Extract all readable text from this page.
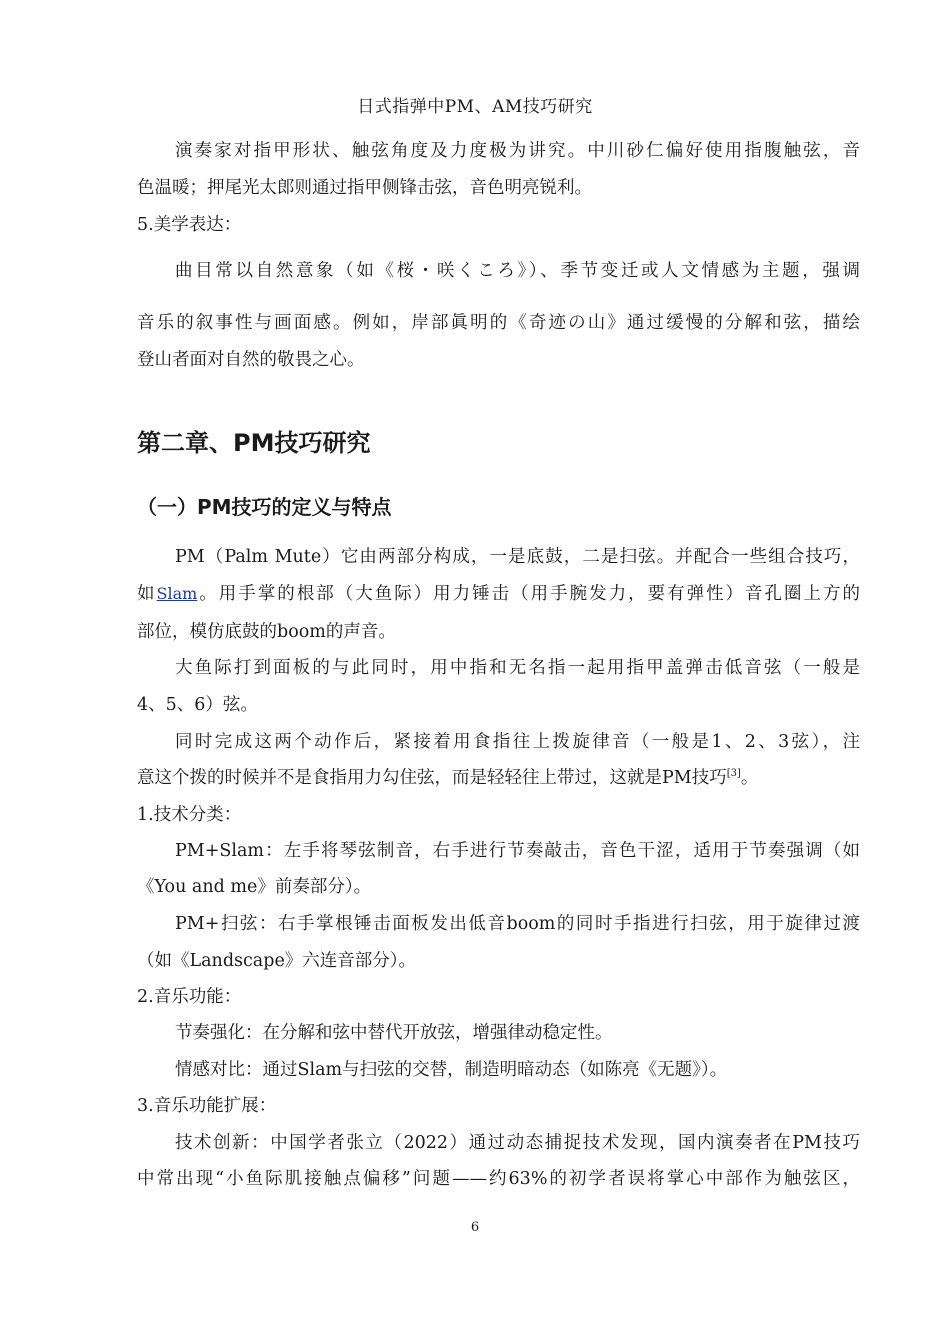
日式指弹中PM、AM技巧研究
演奏家对指甲形状、触弦角度及力度极为讲究。中川砂仁偏好使用指腹触弦，音
色温暖；押尾光太郎则通过指甲侧锋击弦，音色明亮锐利。
5.美学表达：
曲目常以自然意象（如《桜・咲くころ》）、季节变迁或人文情感为主题，强调
音乐的叙事性与画面感。例如，岸部眞明的《奇迹の山》通过缓慢的分解和弦，描绘
登山者面对自然的敬畏之心。
第二章、PM技巧研究
（一）PM技巧的定义与特点
PM（Palm Mute）它由两部分构成，一是底鼓，二是扫弦。并配合一些组合技巧，
如Slam。用手掌的根部（大鱼际）用力锤击（用手腕发力，要有弹性）音孔圈上方的
部位，模仿底鼓的boom的声音。
大鱼际打到面板的与此同时，用中指和无名指一起用指甲盖弹击低音弦（一般是
4、5、6）弦。
同时完成这两个动作后，紧接着用食指往上拨旋律音（一般是1、2、3弦），注
意这个拨的时候并不是食指用力勾住弦，而是轻轻往上带过，这就是PM技巧[3]。
1.技术分类：
PM+Slam：左手将琴弦制音，右手进行节奏敲击，音色干涩，适用于节奏强调（如
《You and me》前奏部分）。
PM+扫弦：右手掌根锤击面板发出低音boom的同时手指进行扫弦，用于旋律过渡
（如《Landscape》六连音部分）。
2.音乐功能：
节奏强化：在分解和弦中替代开放弦，增强律动稳定性。
情感对比：通过Slam与扫弦的交替，制造明暗动态（如陈亮《无题》）。
3.音乐功能扩展：
技术创新：中国学者张立（2022）通过动态捕捉技术发现，国内演奏者在PM技巧
中常出现“小鱼际肌接触点偏移”问题——约63%的初学者误将掌心中部作为触弦区，
6
